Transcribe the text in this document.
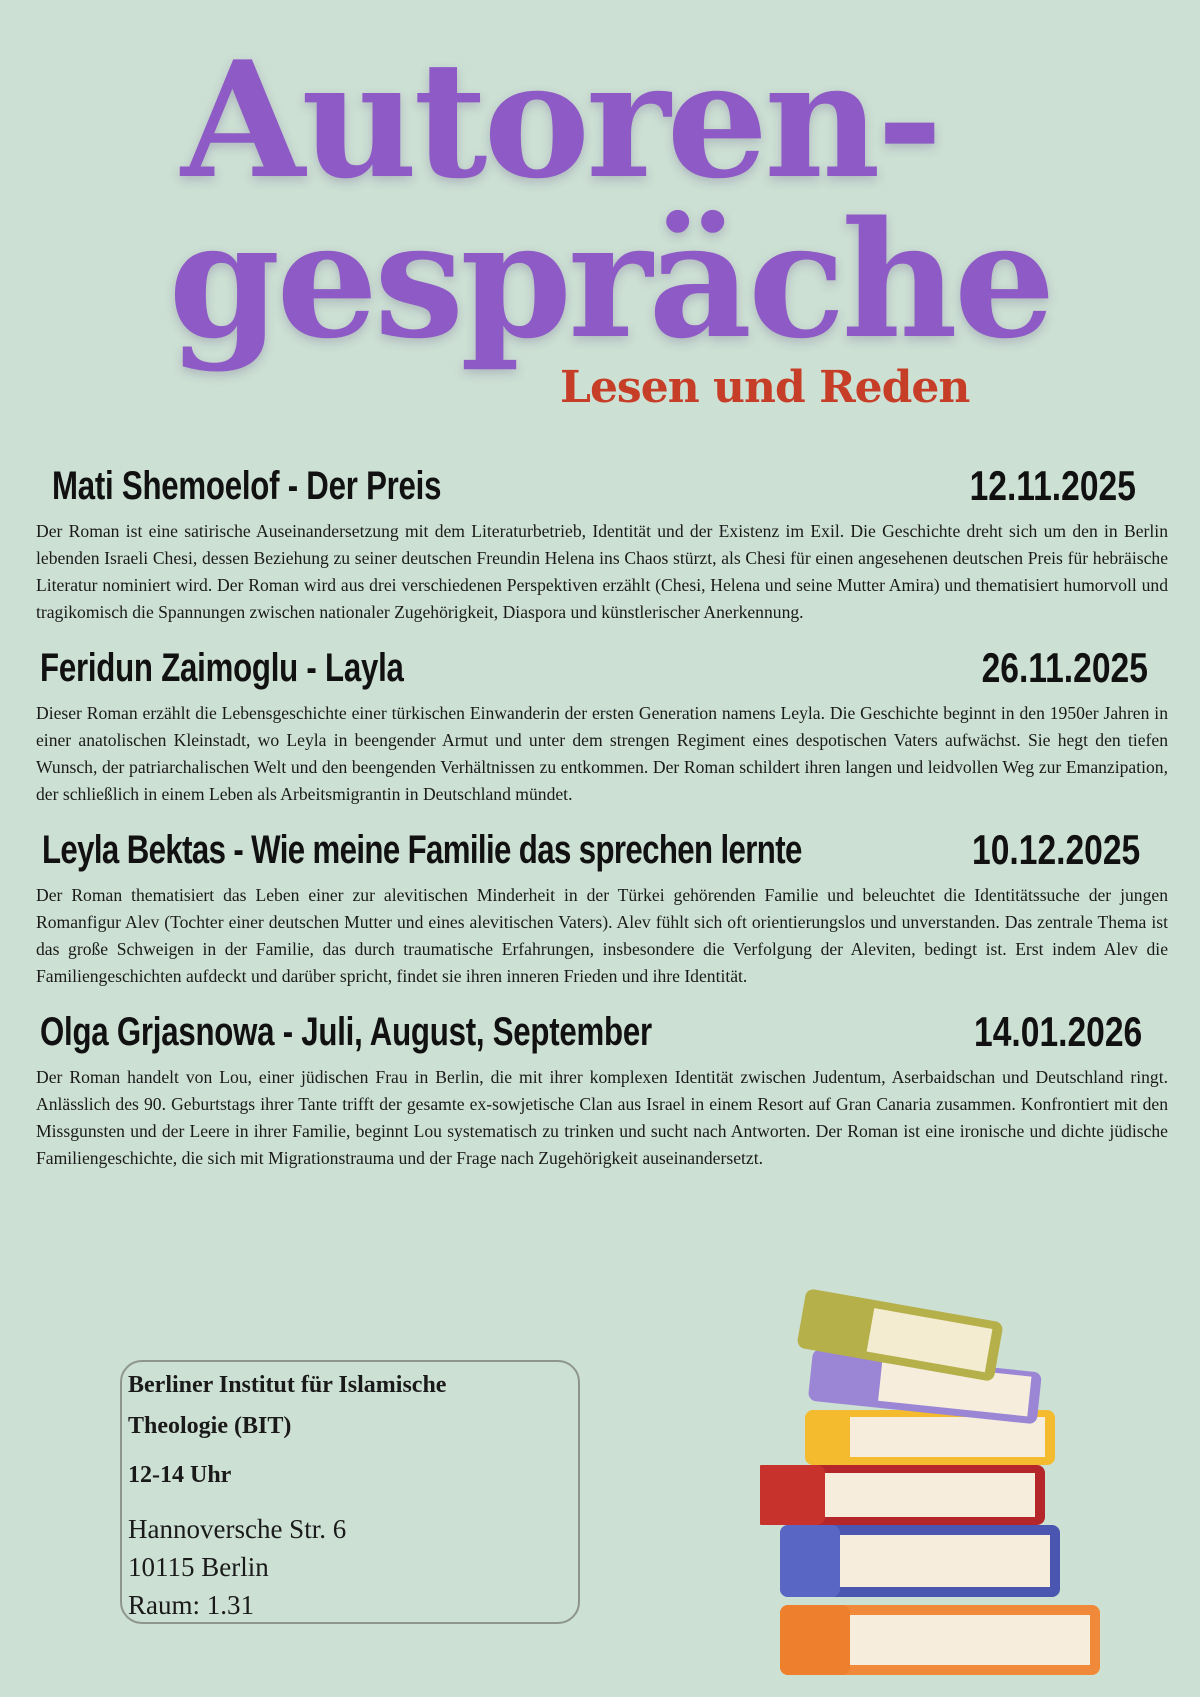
Autoren-
gespräche
Lesen und Reden
Mati Shemoelof - Der Preis	12.11.2025

Der Roman ist eine satirische Auseinandersetzung mit dem Literaturbetrieb, Identität und der Existenz im Exil. Die Geschichte dreht sich um den in Berlin lebenden Israeli Chesi, dessen Beziehung zu seiner deutschen Freundin Helena ins Chaos stürzt, als Chesi für einen angesehenen deutschen Preis für hebräische Literatur nominiert wird. Der Roman wird aus drei verschiedenen Perspektiven erzählt (Chesi, Helena und seine Mutter Amira) und thematisiert humorvoll und tragikomisch die Spannungen zwischen nationaler Zugehörigkeit, Diaspora und künstlerischer Anerkennung.

Feridun Zaimoglu - Layla	26.11.2025

Dieser Roman erzählt die Lebensgeschichte einer türkischen Einwanderin der ersten Generation namens Leyla. Die Geschichte beginnt in den 1950er Jahren in einer anatolischen Kleinstadt, wo Leyla in beengender Armut und unter dem strengen Regiment eines despotischen Vaters aufwächst. Sie hegt den tiefen Wunsch, der patriarchalischen Welt und den beengenden Verhältnissen zu entkommen. Der Roman schildert ihren langen und leidvollen Weg zur Emanzipation, der schließlich in einem Leben als Arbeitsmigrantin in Deutschland mündet.

Leyla Bektas - Wie meine Familie das sprechen lernte	10.12.2025

Der Roman thematisiert das Leben einer zur alevitischen Minderheit in der Türkei gehörenden Familie und beleuchtet die Identitätssuche der jungen Romanfigur Alev (Tochter einer deutschen Mutter und eines alevitischen Vaters). Alev fühlt sich oft orientierungslos und unverstanden. Das zentrale Thema ist das große Schweigen in der Familie, das durch traumatische Erfahrungen, insbesondere die Verfolgung der Aleviten, bedingt ist. Erst indem Alev die Familiengeschichten aufdeckt und darüber spricht, findet sie ihren inneren Frieden und ihre Identität.

Olga Grjasnowa - Juli, August, September	14.01.2026

Der Roman handelt von Lou, einer jüdischen Frau in Berlin, die mit ihrer komplexen Identität zwischen Judentum, Aserbaidschan und Deutschland ringt. Anlässlich des 90. Geburtstags ihrer Tante trifft der gesamte ex-sowjetische Clan aus Israel in einem Resort auf Gran Canaria zusammen. Konfrontiert mit den Missgunsten und der Leere in ihrer Familie, beginnt Lou systematisch zu trinken und sucht nach Antworten. Der Roman ist eine ironische und dichte jüdische Familiengeschichte, die sich mit Migrationstrauma und der Frage nach Zugehörigkeit auseinandersetzt.

Berliner Institut für Islamische
Theologie (BIT)
12-14 Uhr
Hannoversche Str. 6
10115 Berlin
Raum: 1.31
